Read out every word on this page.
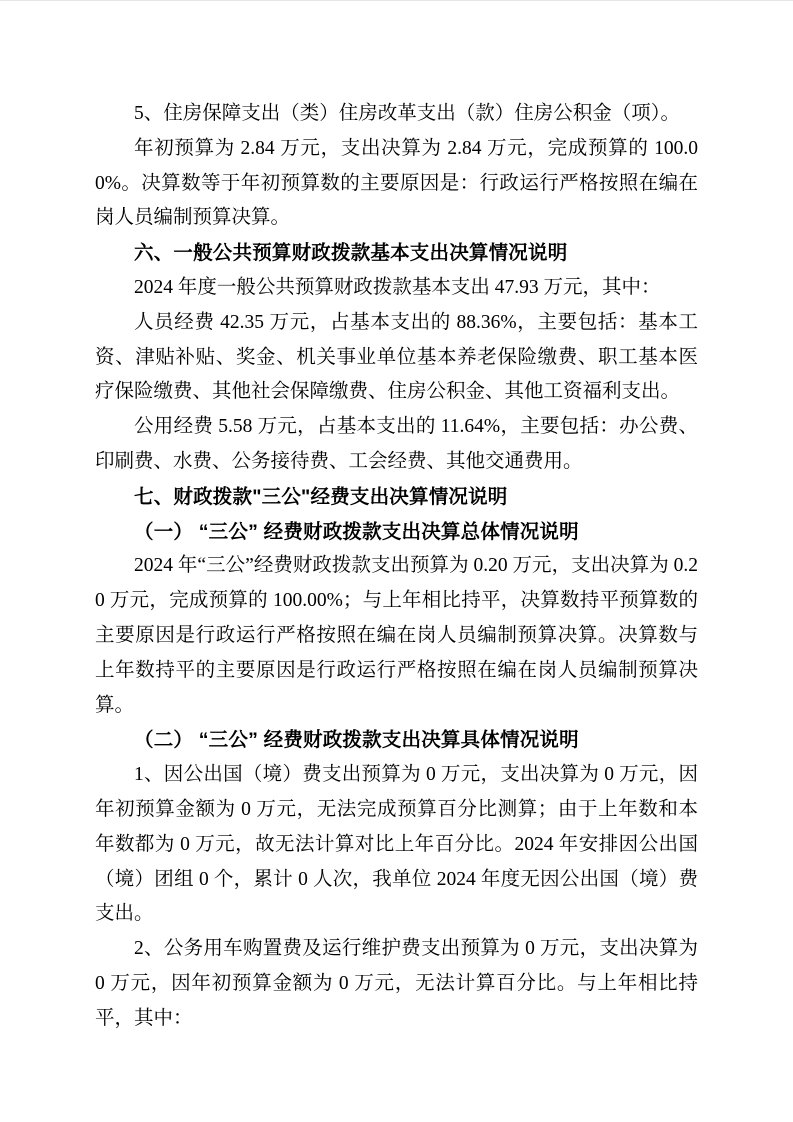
5、住房保障支出（类）住房改革支出（款）住房公积金（项）。

年初预算为 2.84 万元，支出决算为 2.84 万元，完成预算的 100.00%。决算数等于年初预算数的主要原因是：行政运行严格按照在编在岗人员编制预算决算。

六、一般公共预算财政拨款基本支出决算情况说明

2024 年度一般公共预算财政拨款基本支出 47.93 万元，其中：

人员经费 42.35 万元，占基本支出的 88.36%，主要包括：基本工资、津贴补贴、奖金、机关事业单位基本养老保险缴费、职工基本医疗保险缴费、其他社会保障缴费、住房公积金、其他工资福利支出。

公用经费 5.58 万元，占基本支出的 11.64%，主要包括：办公费、印刷费、水费、公务接待费、工会经费、其他交通费用。

七、财政拨款"三公"经费支出决算情况说明

（一） “三公” 经费财政拨款支出决算总体情况说明

2024 年“三公”经费财政拨款支出预算为 0.20 万元，支出决算为 0.20 万元，完成预算的 100.00%；与上年相比持平，决算数持平预算数的主要原因是行政运行严格按照在编在岗人员编制预算决算。决算数与上年数持平的主要原因是行政运行严格按照在编在岗人员编制预算决算。

（二） “三公” 经费财政拨款支出决算具体情况说明

1、因公出国（境）费支出预算为 0 万元，支出决算为 0 万元，因年初预算金额为 0 万元，无法完成预算百分比测算；由于上年数和本年数都为 0 万元，故无法计算对比上年百分比。2024 年安排因公出国（境）团组 0 个，累计 0 人次，我单位 2024 年度无因公出国（境）费支出。

2、公务用车购置费及运行维护费支出预算为 0 万元，支出决算为 0 万元，因年初预算金额为 0 万元，无法计算百分比。与上年相比持平，其中：
